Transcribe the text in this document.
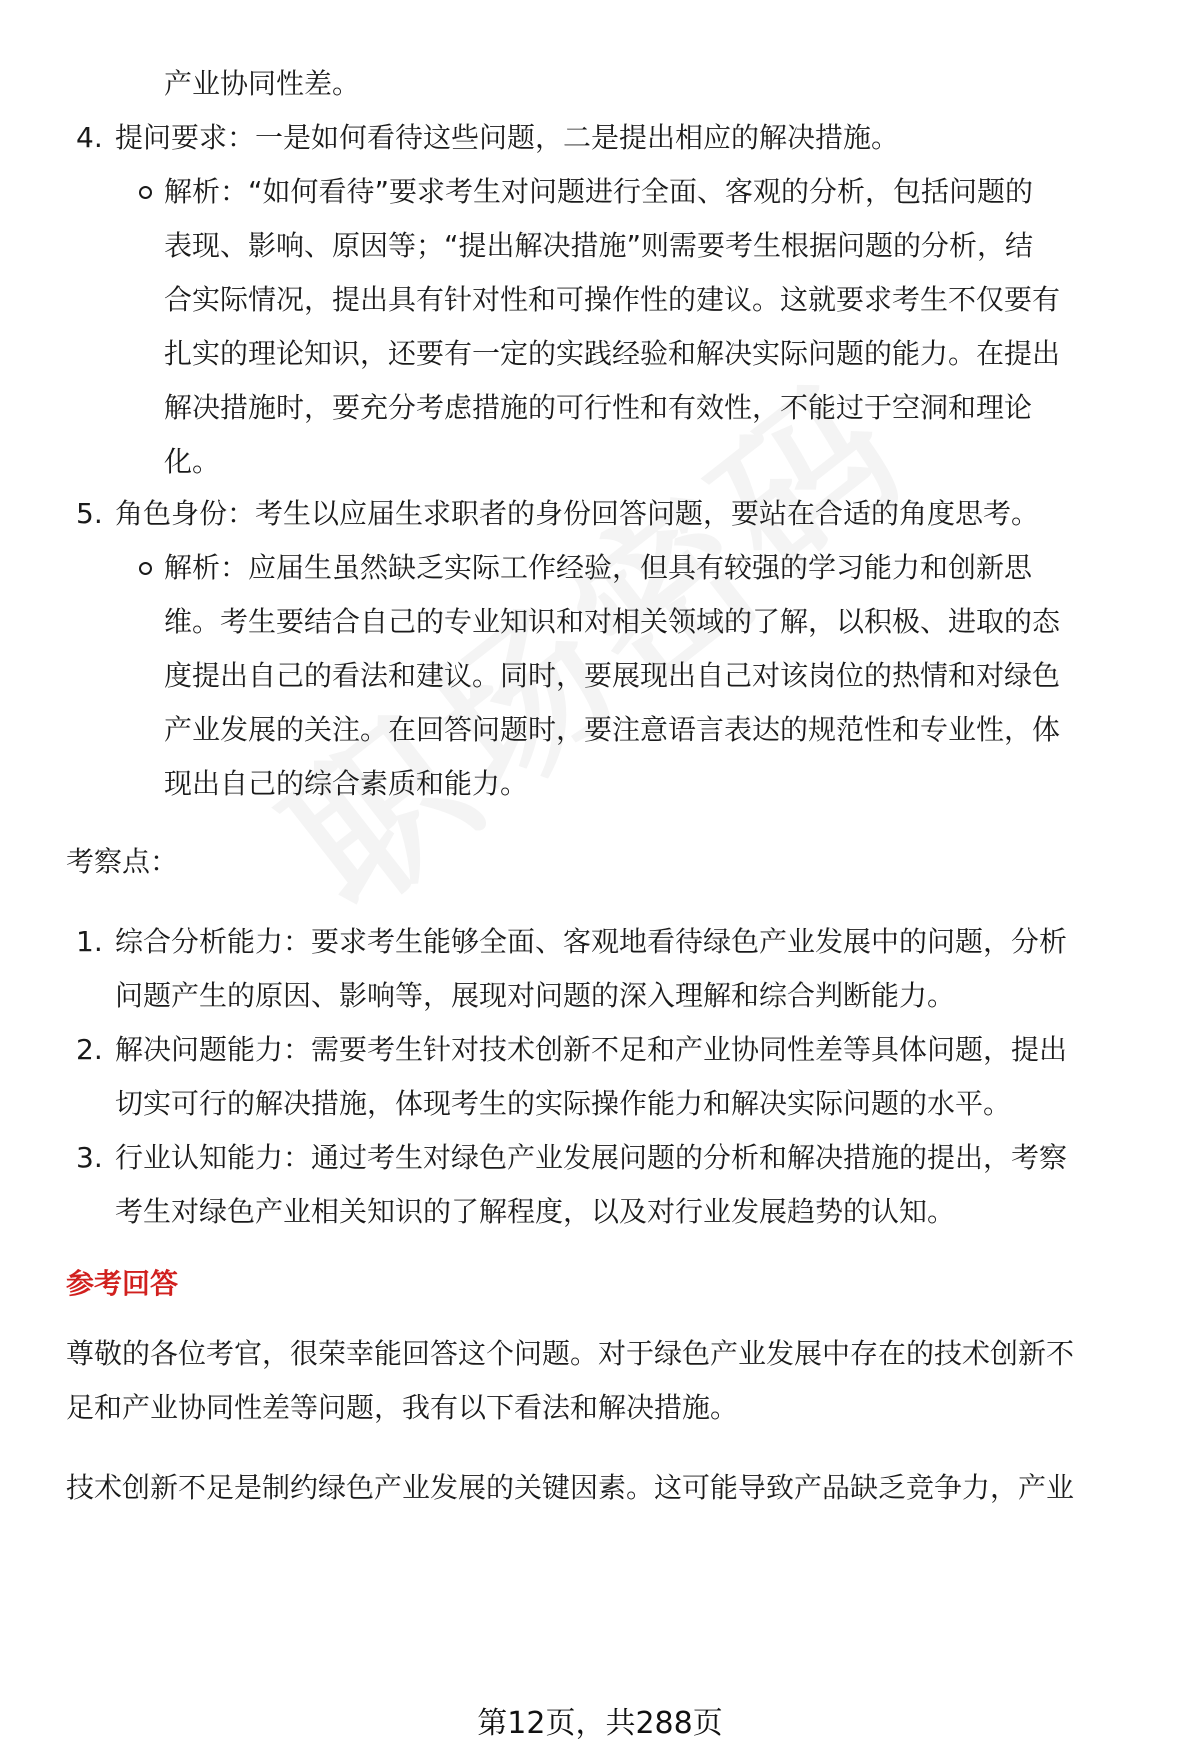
产业协同性差。
4. 提问要求：一是如何看待这些问题，二是提出相应的解决措施。
解析：“如何看待”要求考生对问题进行全面、客观的分析，包括问题的
表现、影响、原因等；“提出解决措施”则需要考生根据问题的分析，结
合实际情况，提出具有针对性和可操作性的建议。这就要求考生不仅要有
扎实的理论知识，还要有一定的实践经验和解决实际问题的能力。在提出
解决措施时，要充分考虑措施的可行性和有效性，不能过于空洞和理论
化。
5. 角色身份：考生以应届生求职者的身份回答问题，要站在合适的角度思考。
解析：应届生虽然缺乏实际工作经验，但具有较强的学习能力和创新思
维。考生要结合自己的专业知识和对相关领域的了解，以积极、进取的态
度提出自己的看法和建议。同时，要展现出自己对该岗位的热情和对绿色
产业发展的关注。在回答问题时，要注意语言表达的规范性和专业性，体
现出自己的综合素质和能力。
考察点：
1. 综合分析能力：要求考生能够全面、客观地看待绿色产业发展中的问题，分析
问题产生的原因、影响等，展现对问题的深入理解和综合判断能力。
2. 解决问题能力：需要考生针对技术创新不足和产业协同性差等具体问题，提出
切实可行的解决措施，体现考生的实际操作能力和解决实际问题的水平。
3. 行业认知能力：通过考生对绿色产业发展问题的分析和解决措施的提出，考察
考生对绿色产业相关知识的了解程度，以及对行业发展趋势的认知。
参考回答
尊敬的各位考官，很荣幸能回答这个问题。对于绿色产业发展中存在的技术创新不
足和产业协同性差等问题，我有以下看法和解决措施。
技术创新不足是制约绿色产业发展的关键因素。这可能导致产品缺乏竞争力，产业
第12页，共288页
